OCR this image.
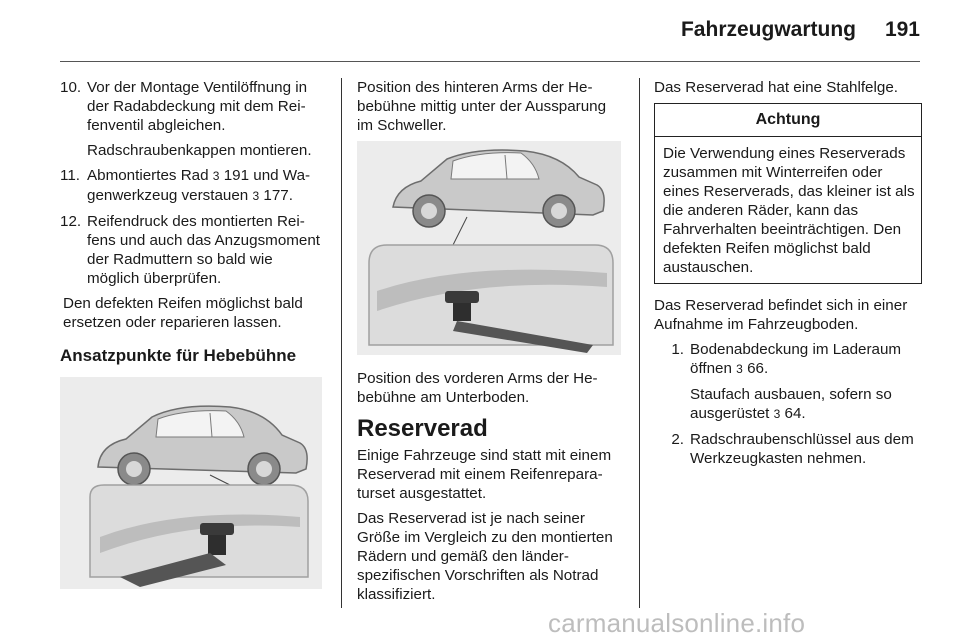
Fahrzeugwartung 191
10. Vor der Montage Ventilöffnung in der Radabdeckung mit dem Reifenventil abgleichen.
Radschraubenkappen montieren.
11. Abmontiertes Rad 3 191 und Wagenwerkzeug verstauen 3 177.
12. Reifendruck des montierten Reifens und auch das Anzugsmoment der Radmuttern so bald wie möglich überprüfen.

Den defekten Reifen möglichst bald ersetzen oder reparieren lassen.

Ansatzpunkte für Hebebühne

Position des hinteren Arms der Hebebühne mittig unter der Aussparung im Schweller.

Position des vorderen Arms der Hebebühne am Unterboden.

Reserverad

Einige Fahrzeuge sind statt mit einem Reserverad mit einem Reifenreparaturset ausgestattet.

Das Reserverad ist je nach seiner Größe im Vergleich zu den montierten Rädern und gemäß den länderspezifischen Vorschriften als Notrad klassifiziert.

Das Reserverad hat eine Stahlfelge.

Achtung
Die Verwendung eines Reserverads zusammen mit Winterreifen oder eines Reserverads, das kleiner ist als die anderen Räder, kann das Fahrverhalten beeinträchtigen. Den defekten Reifen möglichst bald austauschen.

Das Reserverad befindet sich in einer Aufnahme im Fahrzeugboden.

1. Bodenabdeckung im Laderaum öffnen 3 66.
Staufach ausbauen, sofern so ausgerüstet 3 64.
2. Radschraubenschlüssel aus dem Werkzeugkasten nehmen.
carmanualsonline.info
